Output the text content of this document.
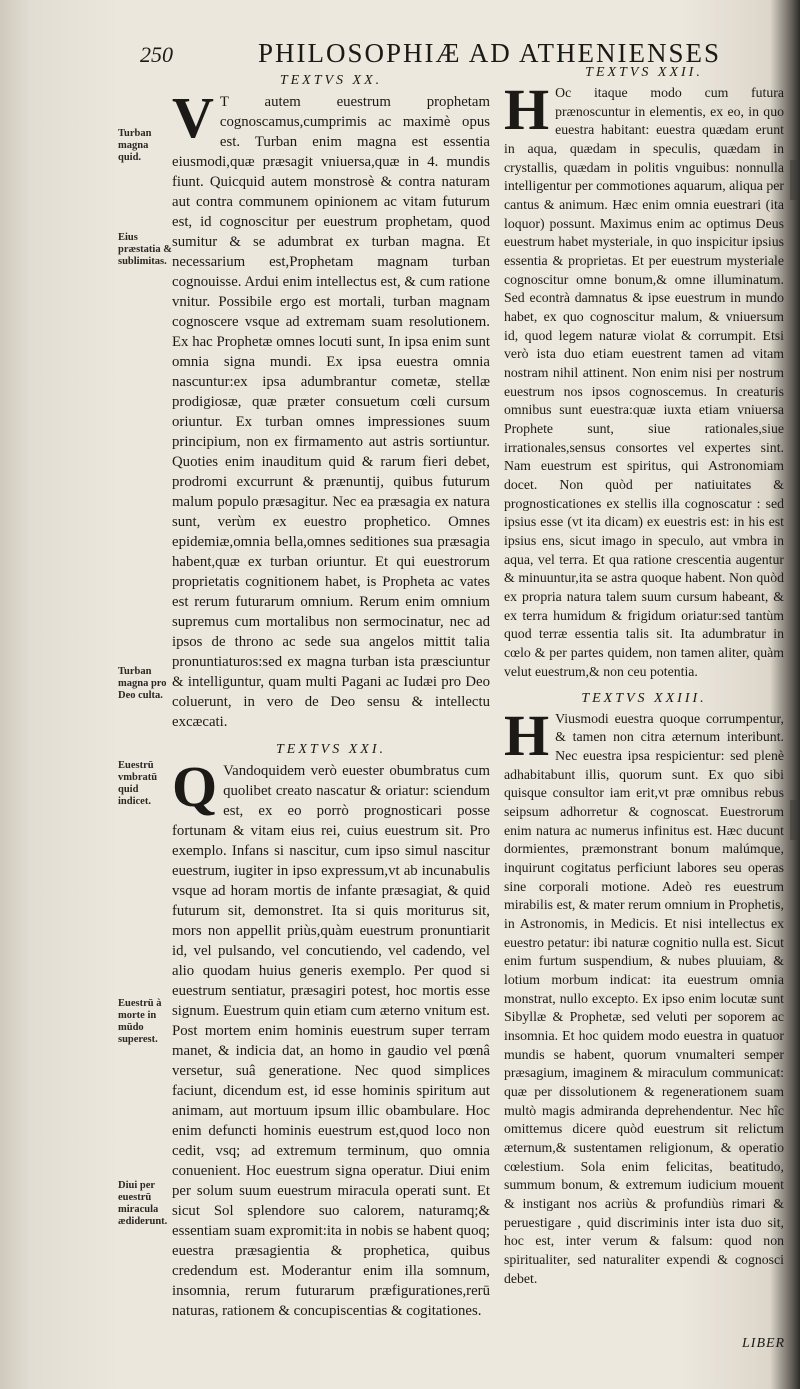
250	PHILOSOPHIÆ AD ATHENIENSES
Turban magna quid.
Eius præstatia & sublimitas.
Turban magna pro Deo culta.
Euestrū vmbratū quid indicet.
Euestrū à morte in mūdo superest.
Diui per euestrū miracula ædiderunt.
TEXTVS XX.

V T autem euestrum prophetam cognoscamus,cumprimis ac maximè opus est. Turban enim magna est essentia eiusmodi,quæ præsagit vniuersa,quæ in 4. mundis fiunt. Quicquid autem monstrosè & contra naturam aut contra communem opinionem ac vitam futurum est, id cognoscitur per euestrum prophetam, quod sumitur & se adumbrat ex turban magna. Et necessarium est,Prophetam magnam turban cognouisse. Ardui enim intellectus est, & cum ratione vnitur. Possibile ergo est mortali, turban magnam cognoscere vsque ad extremam suam resolutionem. Ex hac Prophetæ omnes locuti sunt, In ipsa enim sunt omnia signa mundi. Ex ipsa euestra omnia nascuntur:ex ipsa adumbrantur cometæ, stellæ prodigiosæ, quæ præter consuetum cœli cursum oriuntur. Ex turban omnes impressiones suum principium, non ex firmamento aut astris sortiuntur. Quoties enim inauditum quid & rarum fieri debet, prodromi excurrunt & prænuntij, quibus futurum malum populo præsagitur. Nec ea præsagia ex natura sunt, verùm ex euestro prophetico. Omnes epidemiæ,omnia bella,omnes seditiones sua præsagia habent,quæ ex turban oriuntur. Et qui euestrorum proprietatis cognitionem habet, is Propheta ac vates est rerum futurarum omnium. Rerum enim omnium supremus cum mortalibus non sermocinatur, nec ad ipsos de throno ac sede sua angelos mittit talia pronuntiaturos:sed ex magna turban ista præsciuntur & intelliguntur, quam multi Pagani ac Iudæi pro Deo coluerunt, in vero de Deo sensu & intellectu excæcati.

TEXTVS XXI.

Q Vandoquidem verò euester obumbratus cum quolibet creato nascatur & oriatur: sciendum est, ex eo porrò prognosticari posse fortunam & vitam eius rei, cuius euestrum sit. Pro exemplo. Infans si nascitur, cum ipso simul nascitur euestrum, iugiter in ipso expressum,vt ab incunabulis vsque ad horam mortis de infante præsagiat, & quid futurum sit, demonstret. Ita si quis moriturus sit, mors non appellit priùs,quàm euestrum pronuntiarit id, vel pulsando, vel concutiendo, vel cadendo, vel alio quodam huius generis exemplo. Per quod si euestrum sentiatur, præsagiri potest, hoc mortis esse signum. Euestrum quin etiam cum æterno vnitum est. Post mortem enim hominis euestrum super terram manet, & indicia dat, an homo in gaudio vel pœnâ versetur, suâ generatione. Nec quod simplices faciunt, dicendum est, id esse hominis spiritum aut animam, aut mortuum ipsum illic obambulare. Hoc enim defuncti hominis euestrum est,quod loco non cedit, vsq; ad extremum terminum, quo omnia conuenient. Hoc euestrum signa operatur. Diui enim per solum suum euestrum miracula operati sunt. Et sicut Sol splendore suo calorem, naturamq;& essentiam suam expromit:ita in nobis se habent quoq; euestra præsagientia & prophetica, quibus credendum est. Moderantur enim illa somnum, insomnia, rerum futurarum præfigurationes,rerū naturas, rationem & concupiscentias & cogitationes.

TEXTVS XXII.

H Oc itaque modo cum futura prænoscuntur in elementis, ex eo, in quo euestra habitant: euestra quædam erunt in aqua, quædam in speculis, quædam in crystallis, quædam in politis vnguibus: nonnulla intelligentur per commotiones aquarum, aliqua per cantus & animum. Hæc enim omnia euestrari (ita loquor) possunt. Maximus enim ac optimus Deus euestrum habet mysteriale, in quo inspicitur ipsius essentia & proprietas. Et per euestrum mysteriale cognoscitur omne bonum,& omne illuminatum. Sed econtrà damnatus & ipse euestrum in mundo habet, ex quo cognoscitur malum, & vniuersum id, quod legem naturæ violat & corrumpit. Etsi verò ista duo etiam euestrent tamen ad vitam nostram nihil attinent. Non enim nisi per nostrum euestrum nos ipsos cognoscemus. In creaturis omnibus sunt euestra:quæ iuxta etiam vniuersa Prophete sunt, siue rationales,siue irrationales,sensus consortes vel expertes sint. Nam euestrum est spiritus, qui Astronomiam docet. Non quòd per natiuitates & prognosticationes ex stellis illa cognoscatur : sed ipsius esse (vt ita dicam) ex euestris est: in his est ipsius ens, sicut imago in speculo, aut vmbra in aqua, vel terra. Et qua ratione crescentia augentur & minuuntur,ita se astra quoque habent. Non quòd ex propria natura talem suum cursum habeant, & ex terra humidum & frigidum oriatur:sed tantùm quod terræ essentia talis sit. Ita adumbratur in cœlo & per partes quidem, non tamen aliter, quàm velut euestrum,& non ceu potentia.

TEXTVS XXIII.

H Viusmodi euestra quoque corrumpentur, & tamen non citra æternum interibunt. Nec euestra ipsa respicientur: sed plenè adhabitabunt illis, quorum sunt. Ex quo sibi quisque consultor iam erit,vt præ omnibus rebus seipsum adhorretur & cognoscat. Euestrorum enim natura ac numerus infinitus est. Hæc ducunt dormientes, præmonstrant bonum malúmque, inquirunt cogitatus perficiunt labores seu operas sine corporali motione. Adeò res euestrum mirabilis est, & mater rerum omnium in Prophetis, in Astronomis, in Medicis. Et nisi intellectus ex euestro petatur: ibi naturæ cognitio nulla est. Sicut enim furtum suspendium, & nubes pluuiam, & lotium morbum indicat: ita euestrum omnia monstrat, nullo excepto. Ex ipso enim locutæ sunt Sibyllæ & Prophetæ, sed veluti per soporem ac insomnia. Et hoc quidem modo euestra in quatuor mundis se habent, quorum vnumalteri semper præsagium, imaginem & miraculum communicat: quæ per dissolutionem & regenerationem suam multò magis admiranda deprehendentur. Nec hîc omittemus dicere quòd euestrum sit relictum æternum,& sustentamen religionum, & operatio cœlestium. Sola enim felicitas, beatitudo, summum bonum, & extremum iudicium mouent & instigant nos acriùs & profundiùs rimari & peruestigare , quid discriminis inter ista duo sit, hoc est, inter verum & falsum: quod non spiritualiter, sed naturaliter expendi & cognosci debet.

LIBER
